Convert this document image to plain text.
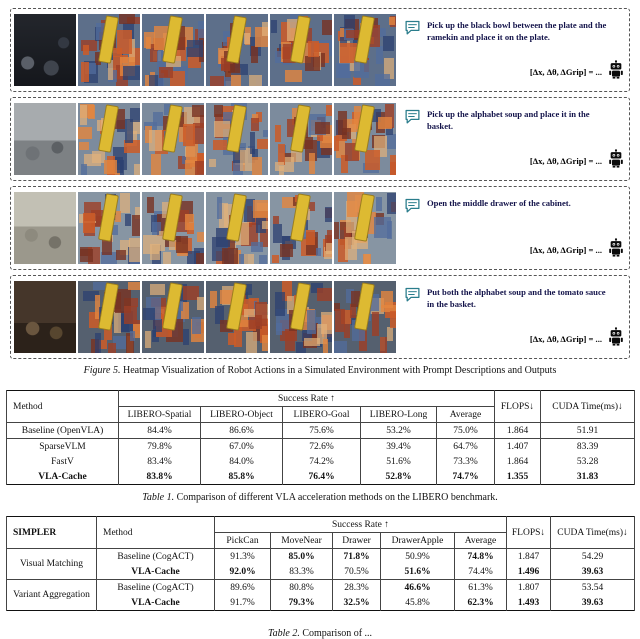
Pick up the black bowl between the plate and the ramekin and place it on the plate.
[Δx, Δθ, ΔGrip] = ...
Pick up the alphabet soup and place it in the basket.
[Δx, Δθ, ΔGrip] = ...
Open the middle drawer of the cabinet.
[Δx, Δθ, ΔGrip] = ...
Put both the alphabet soup and the tomato sauce in the basket.
[Δx, Δθ, ΔGrip] = ...
Figure 5. Heatmap Visualization of Robot Actions in a Simulated Environment with Prompt Descriptions and Outputs
Method	Success Rate ↑					FLOPS↓	CUDA Time(ms)↓
	LIBERO-Spatial	LIBERO-Object	LIBERO-Goal	LIBERO-Long	Average		
Baseline (OpenVLA)	84.4%	86.6%	75.6%	53.2%	75.0%	1.864	51.91
SparseVLM	79.8%	67.0%	72.6%	39.4%	64.7%	1.407	83.39
FastV	83.4%	84.0%	74.2%	51.6%	73.3%	1.864	53.28
VLA-Cache	83.8%	85.8%	76.4%	52.8%	74.7%	1.355	31.83
Table 1. Comparison of different VLA acceleration methods on the LIBERO benchmark.
SIMPLER	Method	Success Rate ↑					FLOPS↓	CUDA Time(ms)↓
		PickCan	MoveNear	Drawer	DrawerApple	Average		
Visual Matching	Baseline (CogACT)	91.3%	85.0%	71.8%	50.9%	74.8%	1.847	54.29
	VLA-Cache	92.0%	83.3%	70.5%	51.6%	74.4%	1.496	39.63
Variant Aggregation	Baseline (CogACT)	89.6%	80.8%	28.3%	46.6%	61.3%	1.807	53.54
	VLA-Cache	91.7%	79.3%	32.5%	45.8%	62.3%	1.493	39.63
Table 2. Comparison of ...
